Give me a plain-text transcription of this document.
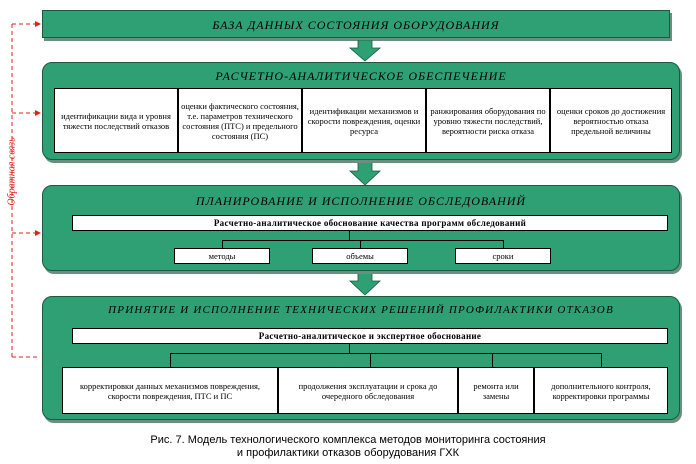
Обратная связь
БАЗА ДАННЫХ СОСТОЯНИЯ ОБОРУДОВАНИЯ
РАСЧЕТНО-АНАЛИТИЧЕСКОЕ ОБЕСПЕЧЕНИЕ
идентификации вида и уровня тяжести последствий отказов
оценки фактического состояния, т.е. параметров технического состояния (ПТС) и предельного состояния (ПС)
идентификации механизмов и скорости повреждения, оценки ресурса
ранжирования оборудования по уровню тяжести последствий, вероятности риска отказа
оценки сроков до достижения вероятностью отказа предельной величины
ПЛАНИРОВАНИЕ И ИСПОЛНЕНИЕ ОБСЛЕДОВАНИЙ
Расчетно-аналитическое обоснование качества программ обследований
методы	объемы	сроки
ПРИНЯТИЕ И ИСПОЛНЕНИЕ ТЕХНИЧЕСКИХ РЕШЕНИЙ ПРОФИЛАКТИКИ ОТКАЗОВ
Расчетно-аналитическое и экспертное обоснование
корректировки данных механизмов повреждения, скорости повреждения, ПТС и ПС
продолжения эксплуатации и срока до очередного обследования
ремонта или замены
дополнительного контроля, корректировки программы
Рис. 7. Модель технологического комплекса методов мониторинга состояния
и профилактики отказов оборудования ГХК
